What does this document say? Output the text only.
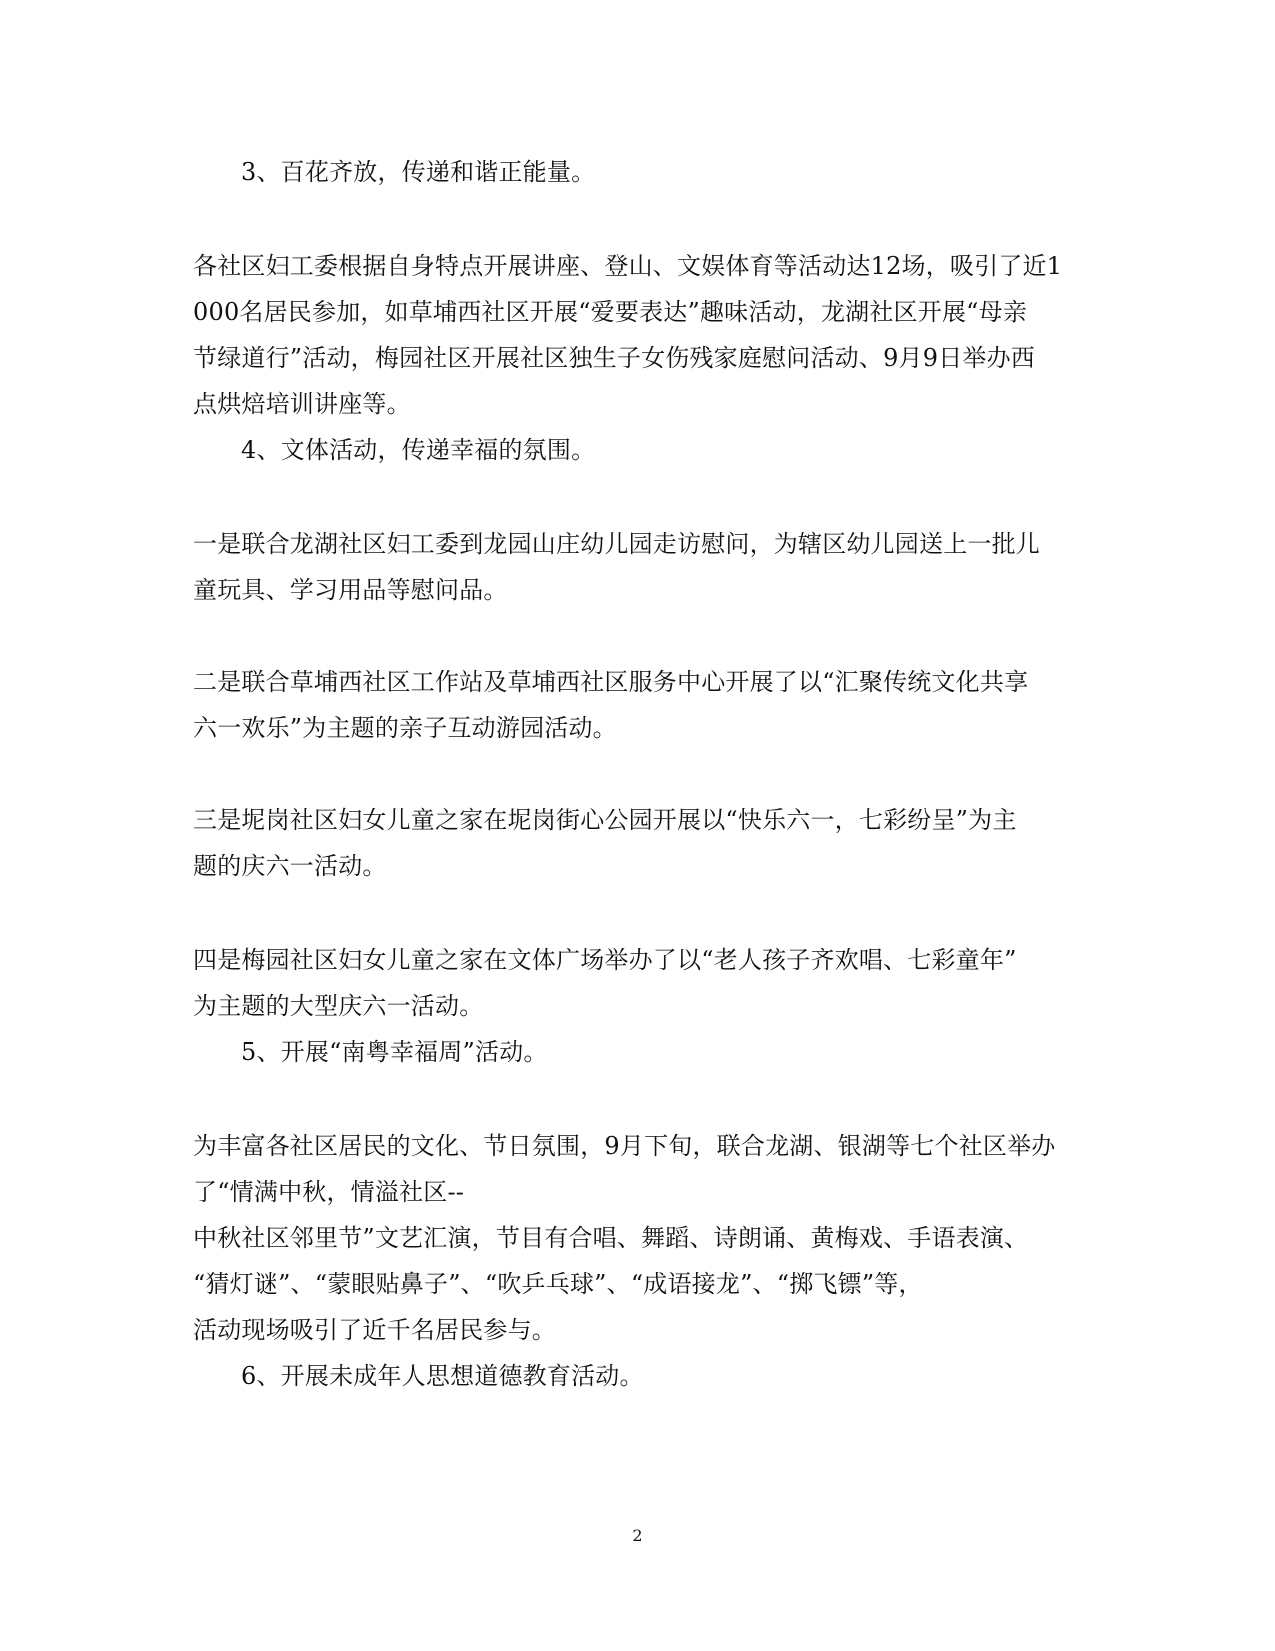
3、百花齐放，传递和谐正能量。
各社区妇工委根据自身特点开展讲座、登山、文娱体育等活动达12场，吸引了近1
000名居民参加，如草埔西社区开展“爱要表达”趣味活动，龙湖社区开展“母亲
节绿道行”活动，梅园社区开展社区独生子女伤残家庭慰问活动、9月9日举办西
点烘焙培训讲座等。
4、文体活动，传递幸福的氛围。
一是联合龙湖社区妇工委到龙园山庄幼儿园走访慰问，为辖区幼儿园送上一批儿
童玩具、学习用品等慰问品。
二是联合草埔西社区工作站及草埔西社区服务中心开展了以“汇聚传统文化共享
六一欢乐”为主题的亲子互动游园活动。
三是坭岗社区妇女儿童之家在坭岗街心公园开展以“快乐六一，七彩纷呈”为主
题的庆六一活动。
四是梅园社区妇女儿童之家在文体广场举办了以“老人孩子齐欢唱、七彩童年”
为主题的大型庆六一活动。
5、开展“南粤幸福周”活动。
为丰富各社区居民的文化、节日氛围，9月下旬，联合龙湖、银湖等七个社区举办
了“情满中秋，情溢社区--
中秋社区邻里节”文艺汇演，节目有合唱、舞蹈、诗朗诵、黄梅戏、手语表演、
“猜灯谜”、“蒙眼贴鼻子”、“吹乒乓球”、“成语接龙”、“掷飞镖”等，
活动现场吸引了近千名居民参与。
6、开展未成年人思想道德教育活动。
2
